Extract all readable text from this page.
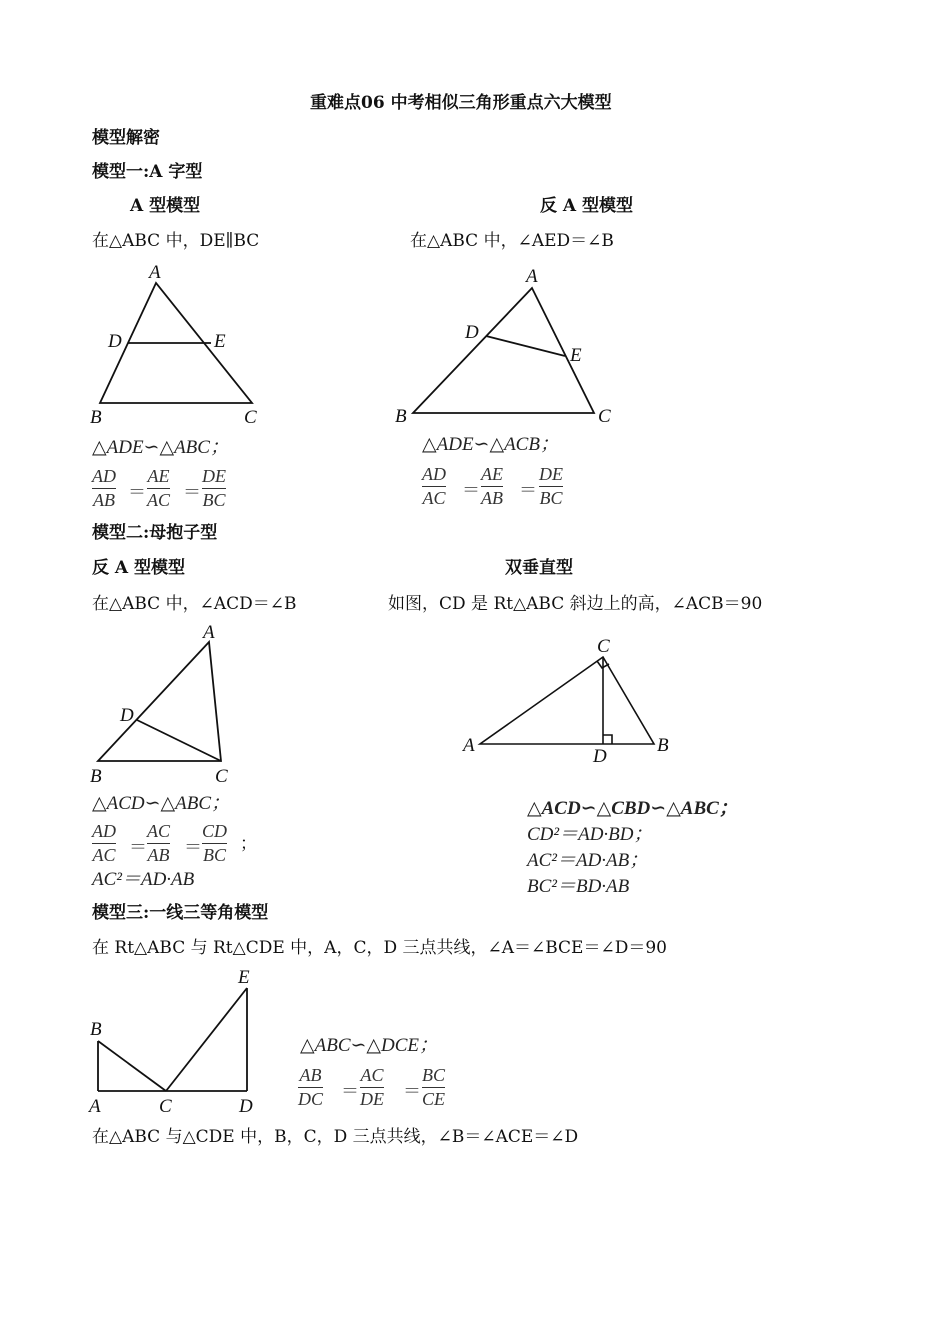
重难点06 中考相似三角形重点六大模型
模型解密
模型一:A 字型
A 型模型	反 A 型模型
在△ABC 中，DE∥BC	在△ABC 中，∠AED＝∠B
A
D	E
B	C
A
D
E
B	C
△ADE∽△ABC；	△ADE∽△ACB；
AD
AB ＝
AE
AC ＝
DE
BC
AD
AC ＝
AE
AB ＝
DE
BC
模型二:母抱子型
反 A 型模型	双垂直型
在△ABC 中，∠ACD＝∠B	如图，CD 是 Rt△ABC 斜边上的高，∠ACB＝90
A
D
B	C
C
A	B
D
△ACD∽△ABC；
AD
AC ＝
AC
AB ＝
CD
BC
；
AC²＝AD·AB
△ACD∽△CBD∽△ABC；
CD²＝AD·BD；
AC²＝AD·AB；
BC²＝BD·AB
模型三:一线三等角模型
在 Rt△ABC 与 Rt△CDE 中，A，C，D 三点共线，∠A＝∠BCE＝∠D＝90
E
B
A	C	D
△ABC∽△DCE；
AB
DC ＝
AC
DE ＝
BC
CE
在△ABC 与△CDE 中，B，C，D 三点共线，∠B＝∠ACE＝∠D
